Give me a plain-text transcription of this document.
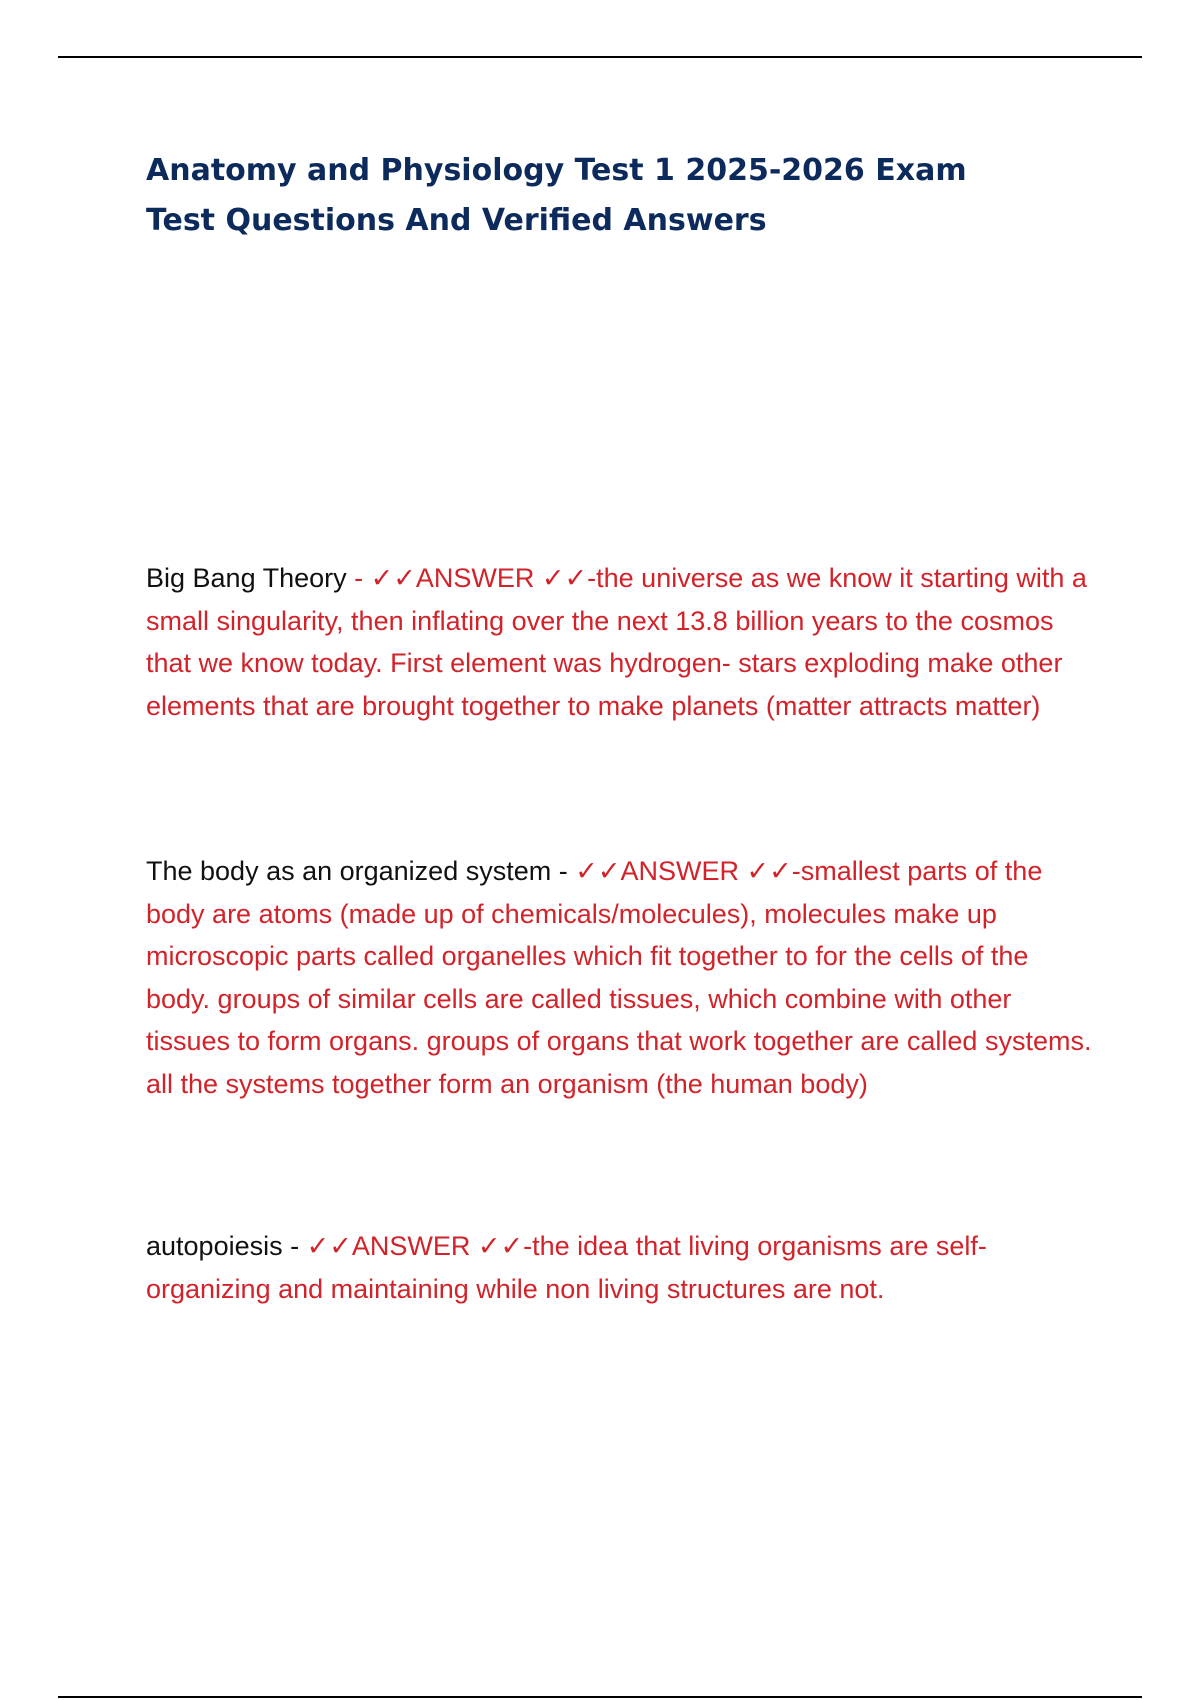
Anatomy and Physiology Test 1 2025-2026 Exam
Test Questions And Verified Answers

Big Bang Theory - ✓✓ANSWER ✓✓-the universe as we know it starting with a small singularity, then inflating over the next 13.8 billion years to the cosmos that we know today. First element was hydrogen- stars exploding make other elements that are brought together to make planets (matter attracts matter)

The body as an organized system - ✓✓ANSWER ✓✓-smallest parts of the body are atoms (made up of chemicals/molecules), molecules make up microscopic parts called organelles which fit together to for the cells of the body. groups of similar cells are called tissues, which combine with other tissues to form organs. groups of organs that work together are called systems. all the systems together form an organism (the human body)

autopoiesis - ✓✓ANSWER ✓✓-the idea that living organisms are self-organizing and maintaining while non living structures are not.
